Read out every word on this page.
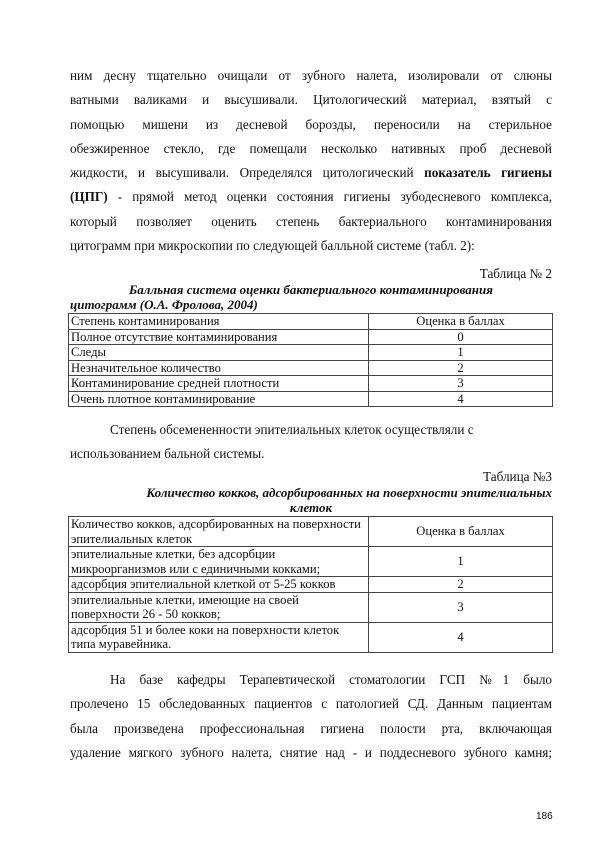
ним десну тщательно очищали от зубного налета, изолировали от слюны
ватными валиками и высушивали. Цитологический материал, взятый с
помощью мишени из десневой борозды, переносили на стерильное
обезжиренное стекло, где помещали несколько нативных проб десневой
жидкости, и высушивали. Определялся цитологический показатель гигиены
(ЦПГ) - прямой метод оценки состояния гигиены зубодесневого комплекса,
который позволяет оценить степень бактериального контаминирования
цитограмм при микроскопии по следующей балльной системе (табл. 2):

Таблица № 2
Балльная система оценки бактериального контаминирования
цитограмм (О.А. Фролова, 2004)
Степень контаминирования	Оценка в баллах
Полное отсутствие контаминирования	0
Следы	1
Незначительное количество	2
Контаминирование средней плотности	3
Очень плотное контаминирование	4

Степень обсемененности эпителиальных клеток осуществляли с
использованием бальной системы.

Таблица №3
Количество кокков, адсорбированных на поверхности эпителиальных
клеток
Количество кокков, адсорбированных на поверхности эпителиальных клеток	Оценка в баллах
эпителиальные клетки, без адсорбции микроорганизмов или с единичными кокками;	1
адсорбция эпителиальной клеткой от 5-25 кокков	2
эпителиальные клетки, имеющие на своей поверхности 26 - 50 кокков;	3
адсорбция 51 и более коки на поверхности клеток типа муравейника.	4

На базе кафедры Терапевтической стоматологии ГСП №1 было
пролечено 15 обследованных пациентов с патологией СД. Данным пациентам
была произведена профессиональная гигиена полости рта, включающая
удаление мягкого зубного налета, снятие над - и поддесневого зубного камня;

186
